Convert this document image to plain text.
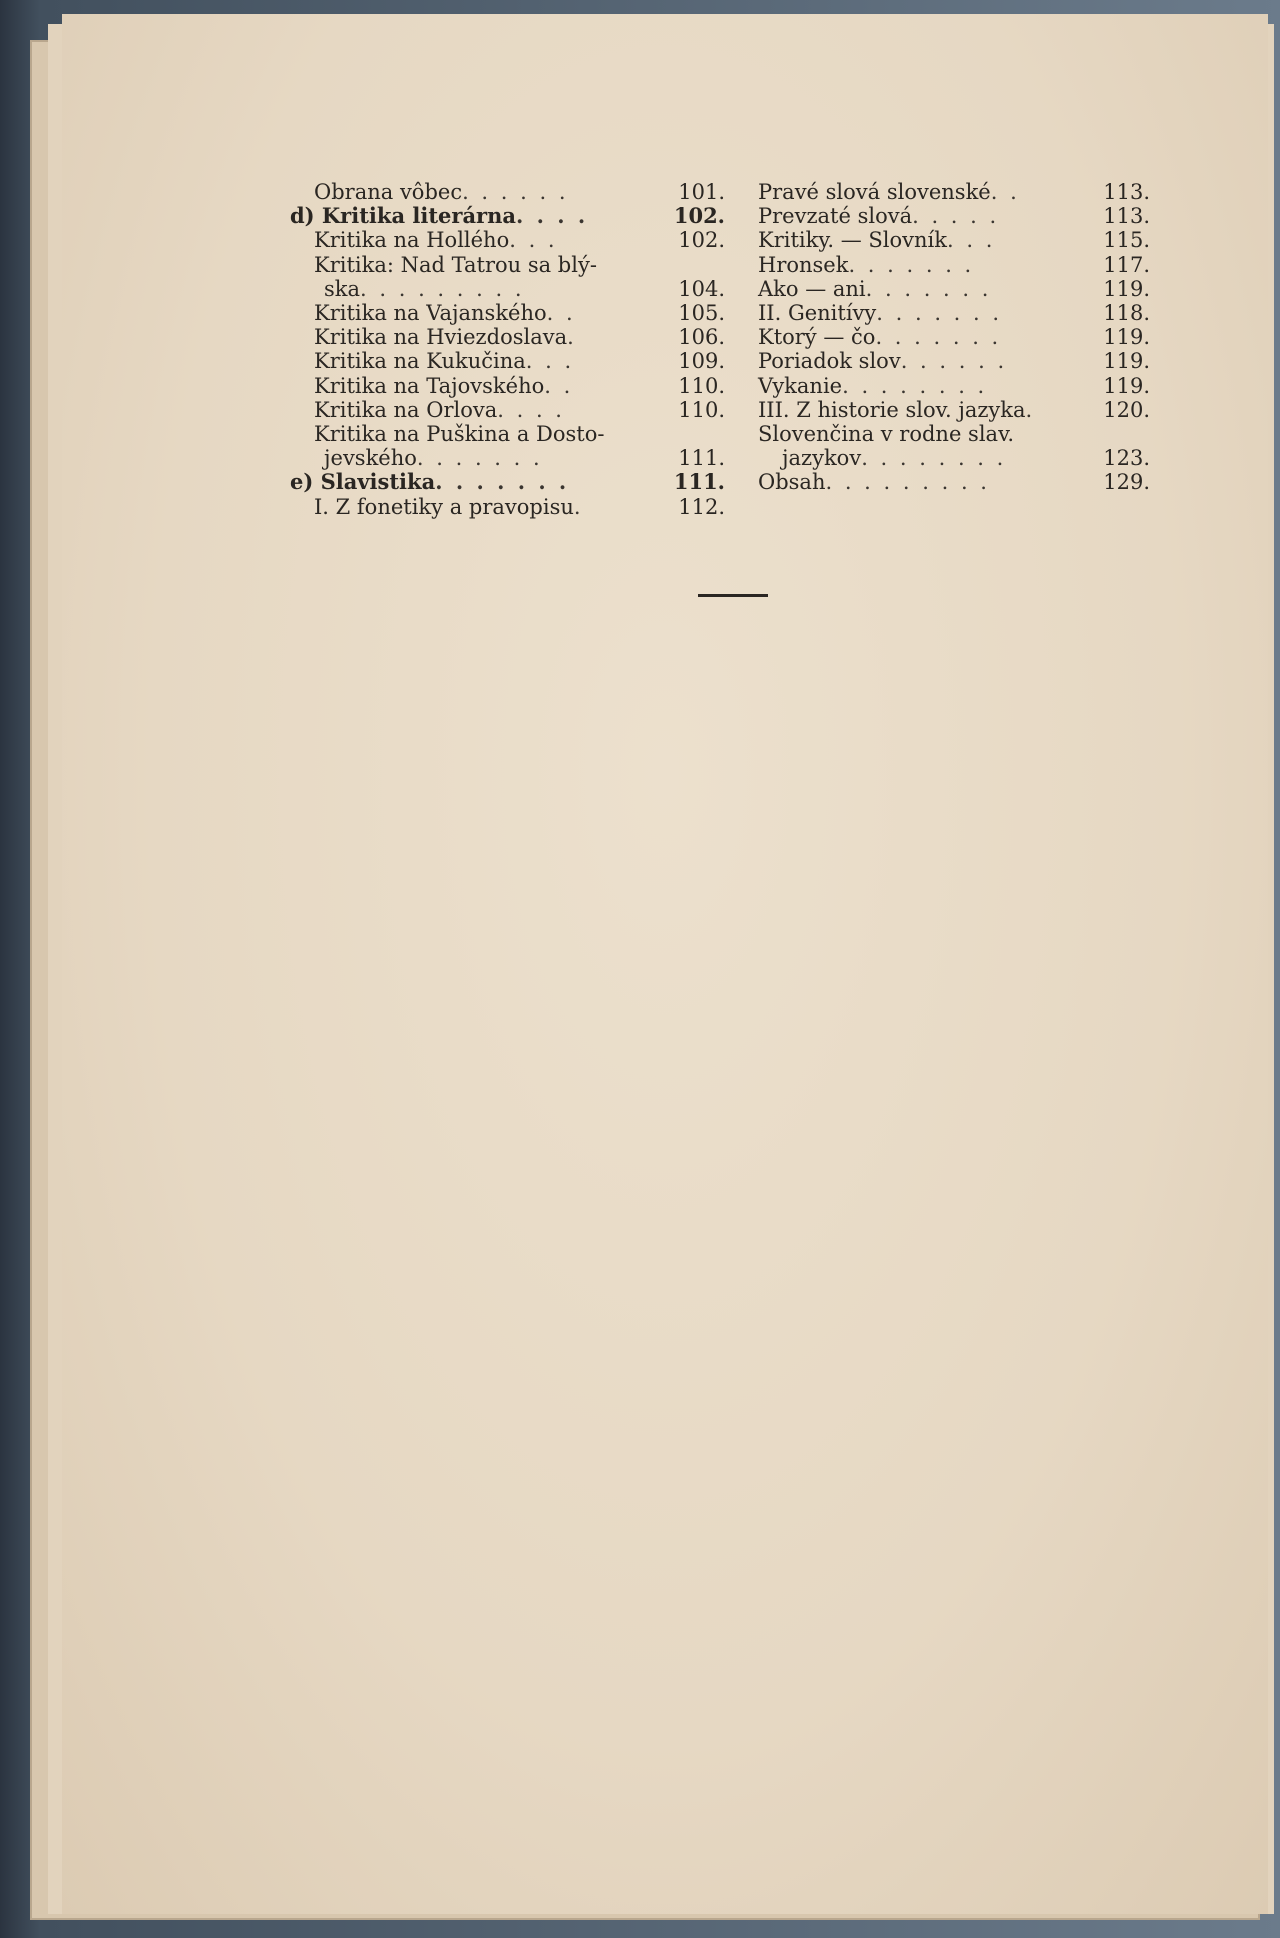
Obrana vôbec . . . . . .	101.
d) Kritika literárna . . . .	102.
Kritika na Hollého . . .	102.
Kritika: Nad Tatrou sa blý-
ska . . . . . . . . .	104.
Kritika na Vajanského . .	105.
Kritika na Hviezdoslava .	106.
Kritika na Kukučina . . .	109.
Kritika na Tajovského . .	110.
Kritika na Orlova . . . .	110.
Kritika na Puškina a Dosto-
jevského . . . . . . .	111.
e) Slavistika . . . . . . .	111.
I. Z fonetiky a pravopisu .	112.
Pravé slová slovenské . .	113.
Prevzaté slová . . . . .	113.
Kritiky. — Slovník . . .	115.
Hronsek . . . . . . .	117.
Ako — ani . . . . . . .	119.
II. Genitívy . . . . . . .	118.
Ktorý — čo . . . . . . .	119.
Poriadok slov . . . . . .	119.
Vykanie . . . . . . . .	119.
III. Z historie slov. jazyka .	120.
Slovenčina v rodne slav.
jazykov . . . . . . . .	123.
Obsah . . . . . . . . .	129.
